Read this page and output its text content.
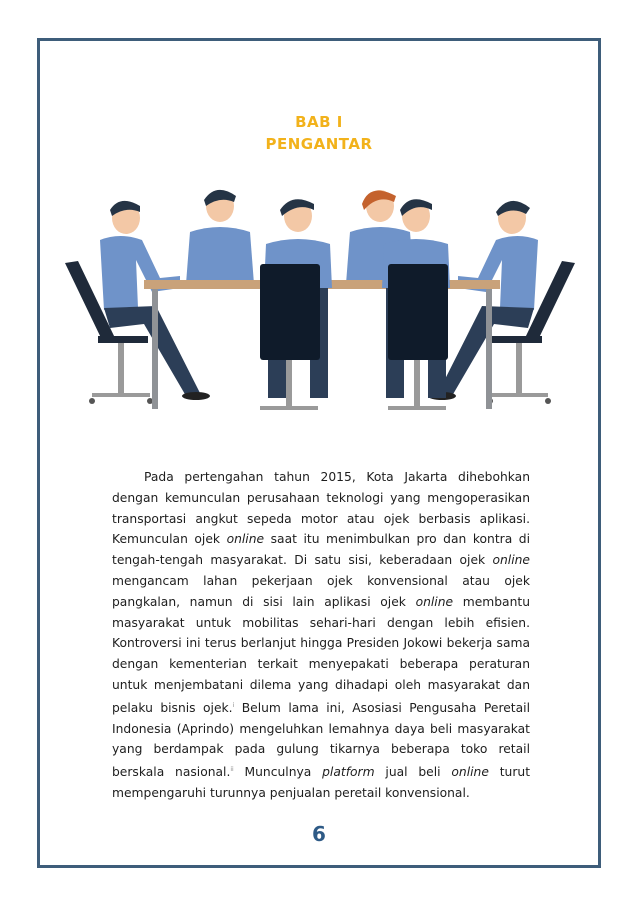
BAB I
PENGANTAR

Pada pertengahan tahun 2015, Kota Jakarta dihebohkan dengan kemunculan perusahaan teknologi yang mengoperasikan transportasi angkut sepeda motor atau ojek berbasis aplikasi. Kemunculan ojek online saat itu menimbulkan pro dan kontra di tengah-tengah masyarakat. Di satu sisi, keberadaan ojek online mengancam lahan pekerjaan ojek konvensional atau ojek pangkalan, namun di sisi lain aplikasi ojek online membantu masyarakat untuk mobilitas sehari-hari dengan lebih efisien. Kontroversi ini terus berlanjut hingga Presiden Jokowi bekerja sama dengan kementerian terkait menyepakati beberapa peraturan untuk menjembatani dilema yang dihadapi oleh masyarakat dan pelaku bisnis ojek.$^i$ Belum lama ini, Asosiasi Pengusaha Peretail Indonesia (Aprindo) mengeluhkan lemahnya daya beli masyarakat yang berdampak pada gulung tikarnya beberapa toko retail berskala nasional.$^{ii}$ Munculnya platform jual beli online turut mempengaruhi turunnya penjualan peretail konvensional.

6
